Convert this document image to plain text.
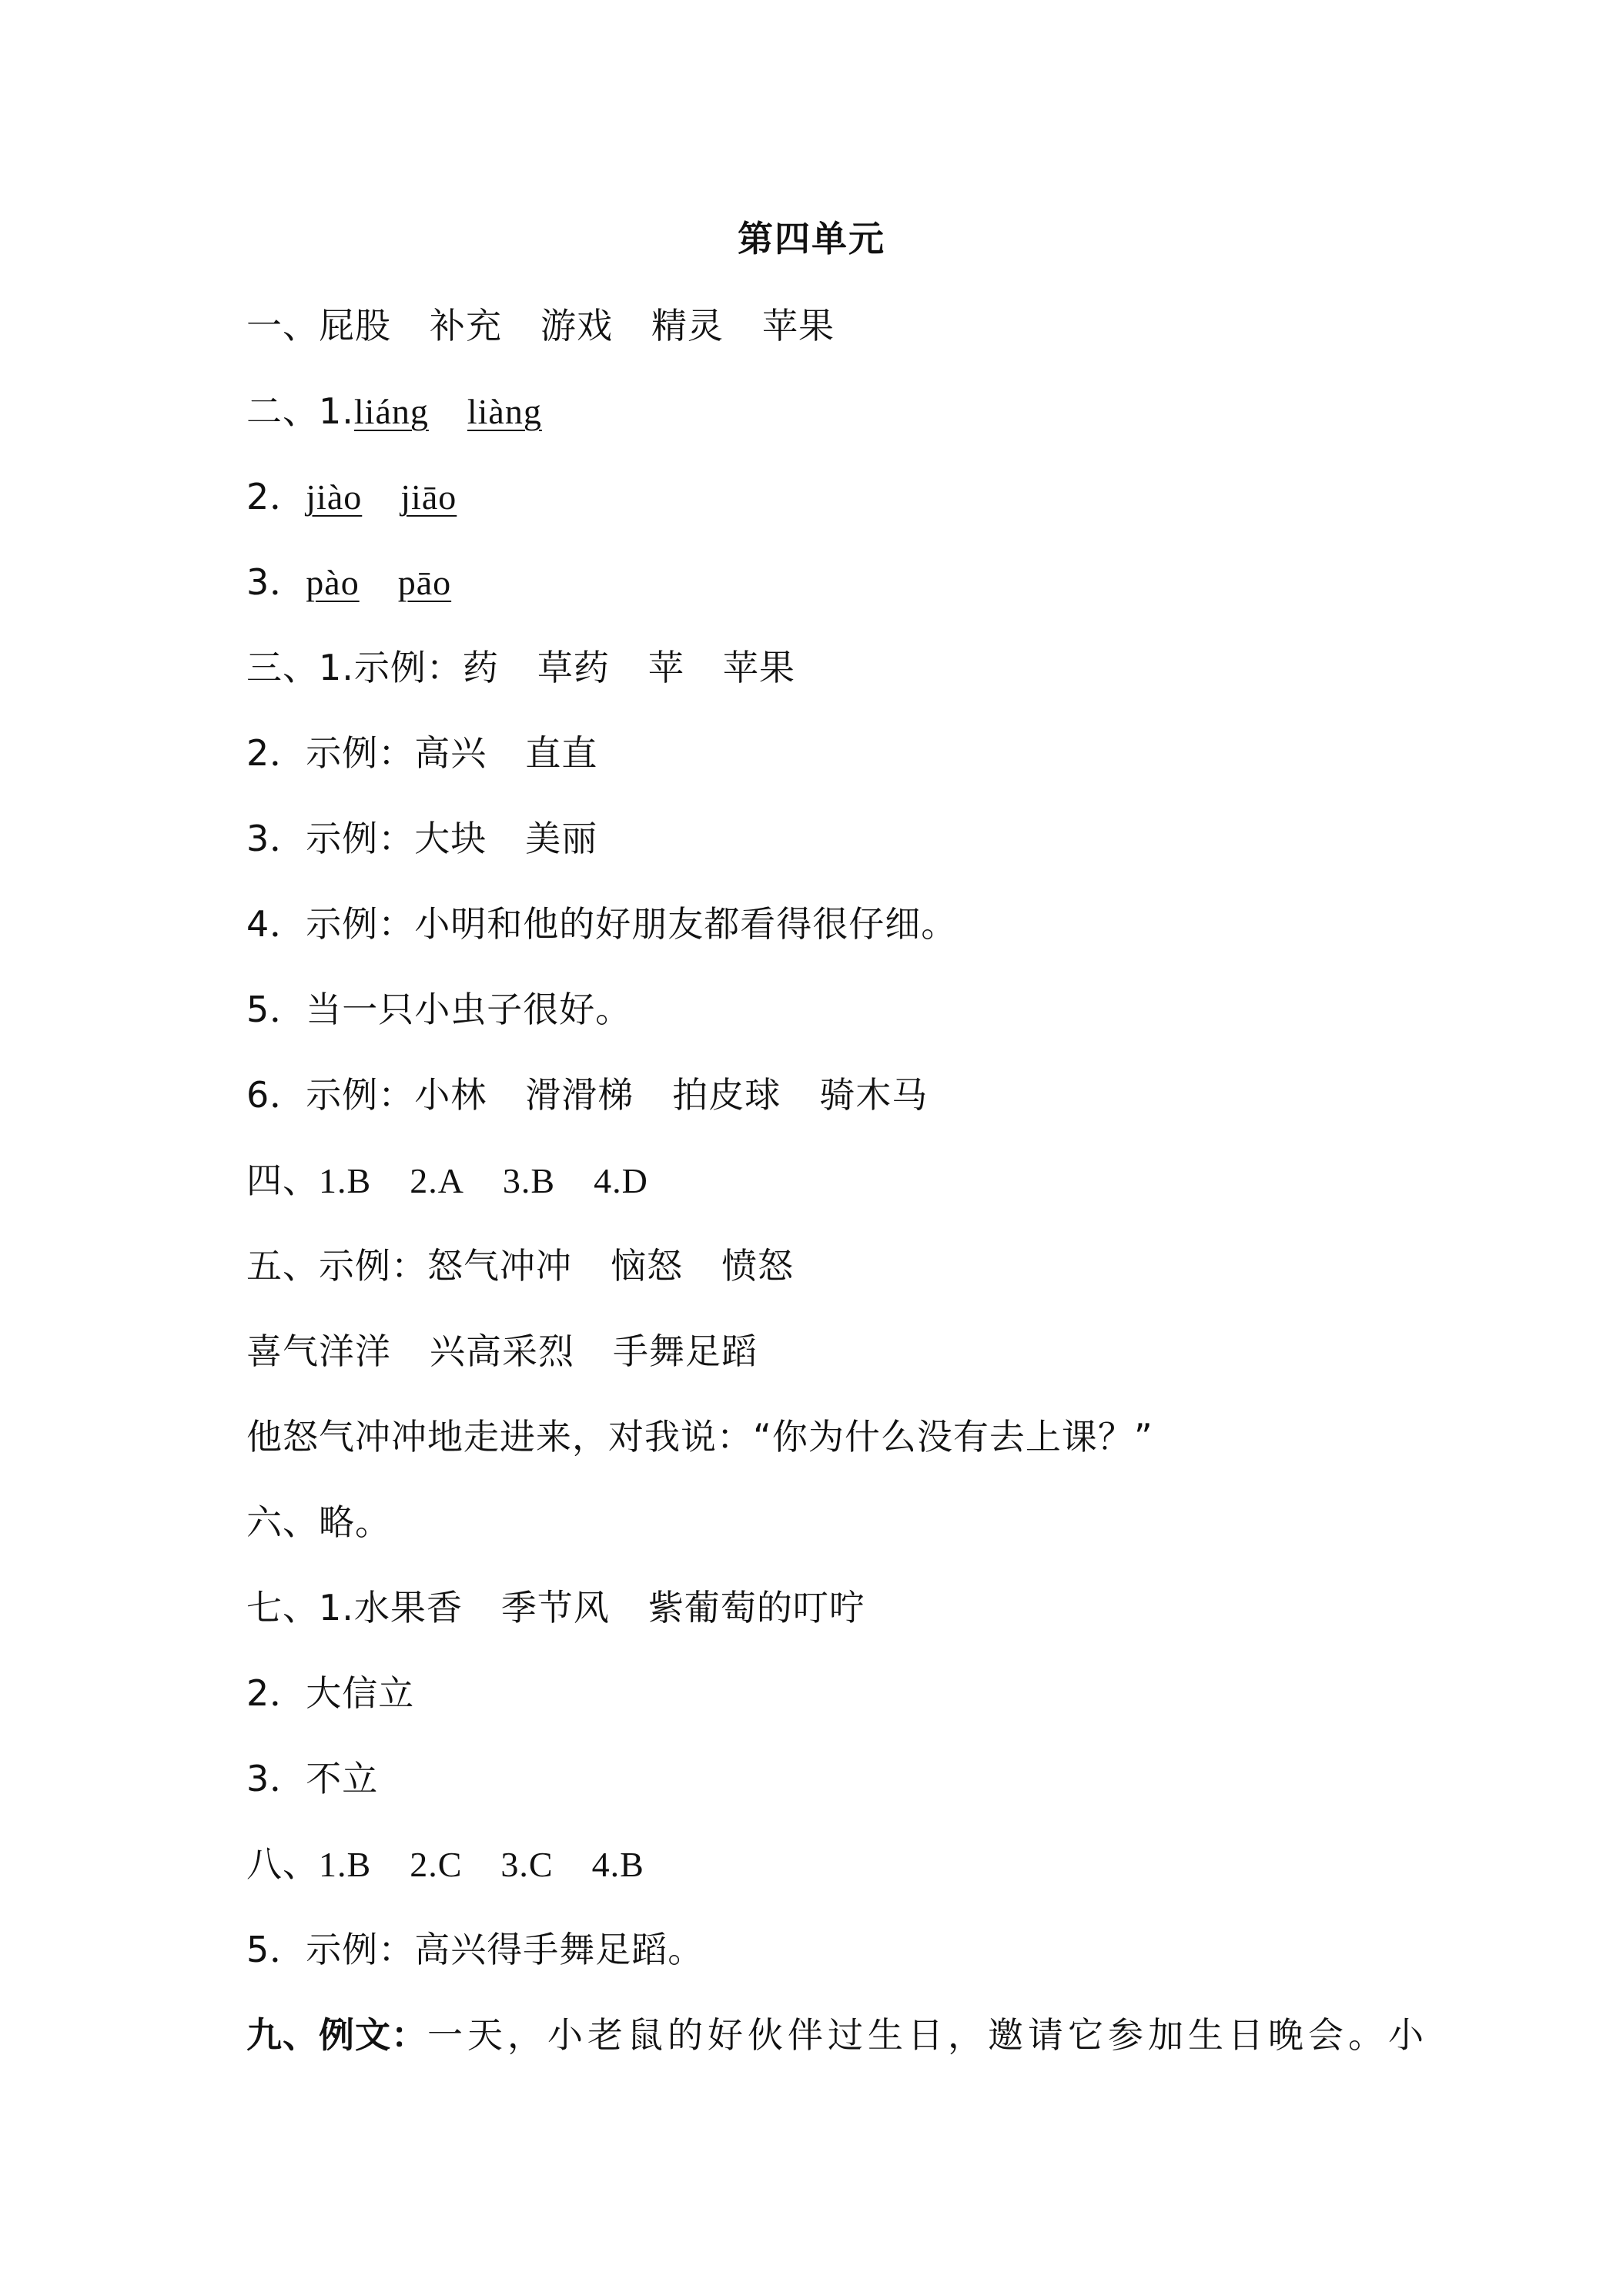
第四单元
一、屁股 补充 游戏 精灵 苹果
二、1.liáng liàng
2．jiào jiāo
3．pào pāo
三、1.示例：药 草药 苹 苹果
2．示例：高兴 直直
3．示例：大块 美丽
4．示例：小明和他的好朋友都看得很仔细。
5．当一只小虫子很好。
6．示例：小林 滑滑梯 拍皮球 骑木马
四、1.B 2.A 3.B 4.D
五、示例：怒气冲冲 恼怒 愤怒
喜气洋洋 兴高采烈 手舞足蹈
他怒气冲冲地走进来，对我说：“你为什么没有去上课？”
六、略。
七、1.水果香 季节风 紫葡萄的叮咛
2．大信立
3．不立
八、1.B 2.C 3.C 4.B
5．示例：高兴得手舞足蹈。
九、例文：一天，小老鼠的好伙伴过生日，邀请它参加生日晚会。小
